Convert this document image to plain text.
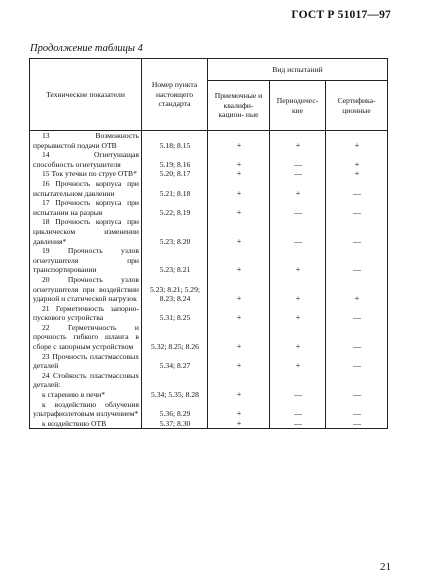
ГОСТ Р 51017—97
Продолжение таблицы 4
Технические показатели	Номер пункта настоящего стандарта	Вид испытаний		
		Приемочные и квалифи- кацион- ные	Периодичес- кие	Сертифика- ционные

13 Возможность прерывистой подачи ОТВ	5.18; 8.15	+	+	+

14 Огнетушащая способность огнетушителя	5.19; 8.16	+	—	+

15 Ток утечки по струе ОТВ*	5.20; 8.17	+	—	+

16 Прочность корпуса при испытательном давлении	5.21; 8.18	+	+	—

17 Прочность корпуса при испытании на разрыв	5.22; 8.19	+	—	—

18 Прочность корпуса при циклическом изменении давления*	5.23; 8.20	+	—	—

19 Прочность узлов огнетушителя при транспортировании	5.23; 8.21	+	+	—

20 Прочность узлов огнетушителя при воздействии ударной и статической нагрузок	5.23; 8.21; 5.29; 8.23; 8.24	+	+	+

21 Герметичность запорно-пускового устройства	5.31; 8.25	+	+	—

22 Герметичность и прочность гибкого шланга в сборе с запорным устройством	5.32; 8.25; 8.26	+	+	—

23 Прочность пластмассовых деталей	5.34; 8.27	+	+	—

24 Стойкость пластмассовых деталей:				

к старению в печи*	5.34; 5.35; 8.28	+	—	—

к воздействию облучения ультрафиолетовым излучением*	5.36; 8.29	+	—	—

к воздействию ОТВ	5.37; 8.30	+	—	—
21
